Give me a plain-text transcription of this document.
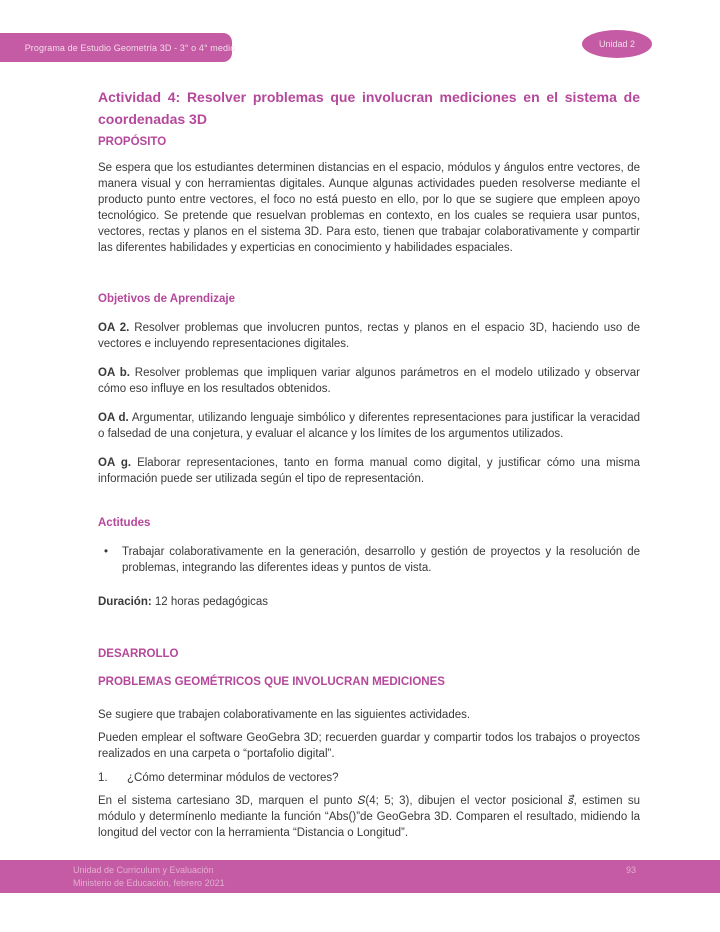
Programa de Estudio Geometría 3D - 3° o 4° medio	Unidad 2
Actividad 4: Resolver problemas que involucran mediciones en el sistema de coordenadas 3D
PROPÓSITO

Se espera que los estudiantes determinen distancias en el espacio, módulos y ángulos entre vectores, de manera visual y con herramientas digitales. Aunque algunas actividades pueden resolverse mediante el producto punto entre vectores, el foco no está puesto en ello, por lo que se sugiere que empleen apoyo tecnológico. Se pretende que resuelvan problemas en contexto, en los cuales se requiera usar puntos, vectores, rectas y planos en el sistema 3D. Para esto, tienen que trabajar colaborativamente y compartir las diferentes habilidades y experticias en conocimiento y habilidades espaciales.

Objetivos de Aprendizaje

OA 2. Resolver problemas que involucren puntos, rectas y planos en el espacio 3D, haciendo uso de vectores e incluyendo representaciones digitales.

OA b. Resolver problemas que impliquen variar algunos parámetros en el modelo utilizado y observar cómo eso influye en los resultados obtenidos.

OA d. Argumentar, utilizando lenguaje simbólico y diferentes representaciones para justificar la veracidad o falsedad de una conjetura, y evaluar el alcance y los límites de los argumentos utilizados.

OA g. Elaborar representaciones, tanto en forma manual como digital, y justificar cómo una misma información puede ser utilizada según el tipo de representación.

Actitudes
•	Trabajar colaborativamente en la generación, desarrollo y gestión de proyectos y la resolución de problemas, integrando las diferentes ideas y puntos de vista.

Duración: 12 horas pedagógicas

DESARROLLO
PROBLEMAS GEOMÉTRICOS QUE INVOLUCRAN MEDICIONES

Se sugiere que trabajen colaborativamente en las siguientes actividades.

Pueden emplear el software GeoGebra 3D; recuerden guardar y compartir todos los trabajos o proyectos realizados en una carpeta o “portafolio digital”.

1.	¿Cómo determinar módulos de vectores?

En el sistema cartesiano 3D, marquen el punto 𝑆(4; 5; 3), dibujen el vector posicional 𝑠⃗, estimen su módulo y determínenlo mediante la función “Abs()”de GeoGebra 3D. Comparen el resultado, midiendo la longitud del vector con la herramienta “Distancia o Longitud”.

Unidad de Curriculum y Evaluación
Ministerio de Educación, febrero 2021
93
